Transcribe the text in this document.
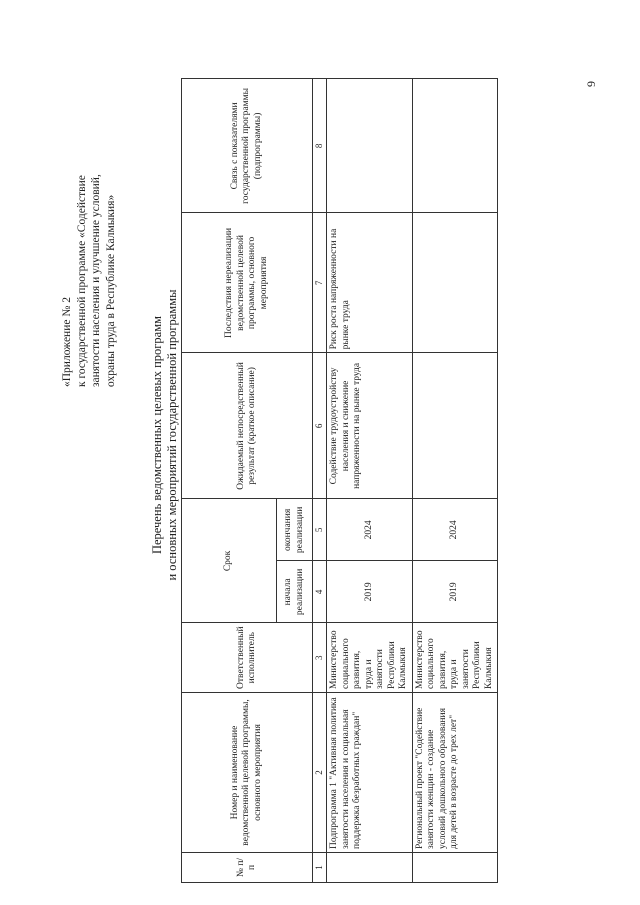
9
«Приложение № 2 к государственной программе «Содействие занятости населения и улучшение условий, охраны труда в Республике Калмыкия»
Перечень ведомственных целевых программ и основных мероприятий государственной программы
№ п/п	Номер и наименование ведомственной целевой программы, основного мероприятия	Ответственный исполнитель	Срок		Ожидаемый непосредственный результат (краткое описание)	Последствия нереализации ведомственной целевой программы, основного мероприятия	Связь с показателями государственной программы (подпрограммы)
			начала реализации	окончания реализации			
1	2	3	4	5	6	7	8
	Подпрограмма 1 "Активная политика занятости населения и социальная поддержка безработных граждан"	Министерство социального развития, труда и занятости Республики Калмыкия	2019	2024	Содействие трудоустройству населения и снижение напряженности на рынке труда	Риск роста напряженности на рынке труда	
	Региональный проект "Содействие занятости женщин - создание условий дошкольного образования для детей в возрасте до трех лет"	Министерство социального развития, труда и занятости Республики Калмыкия	2019	2024			
